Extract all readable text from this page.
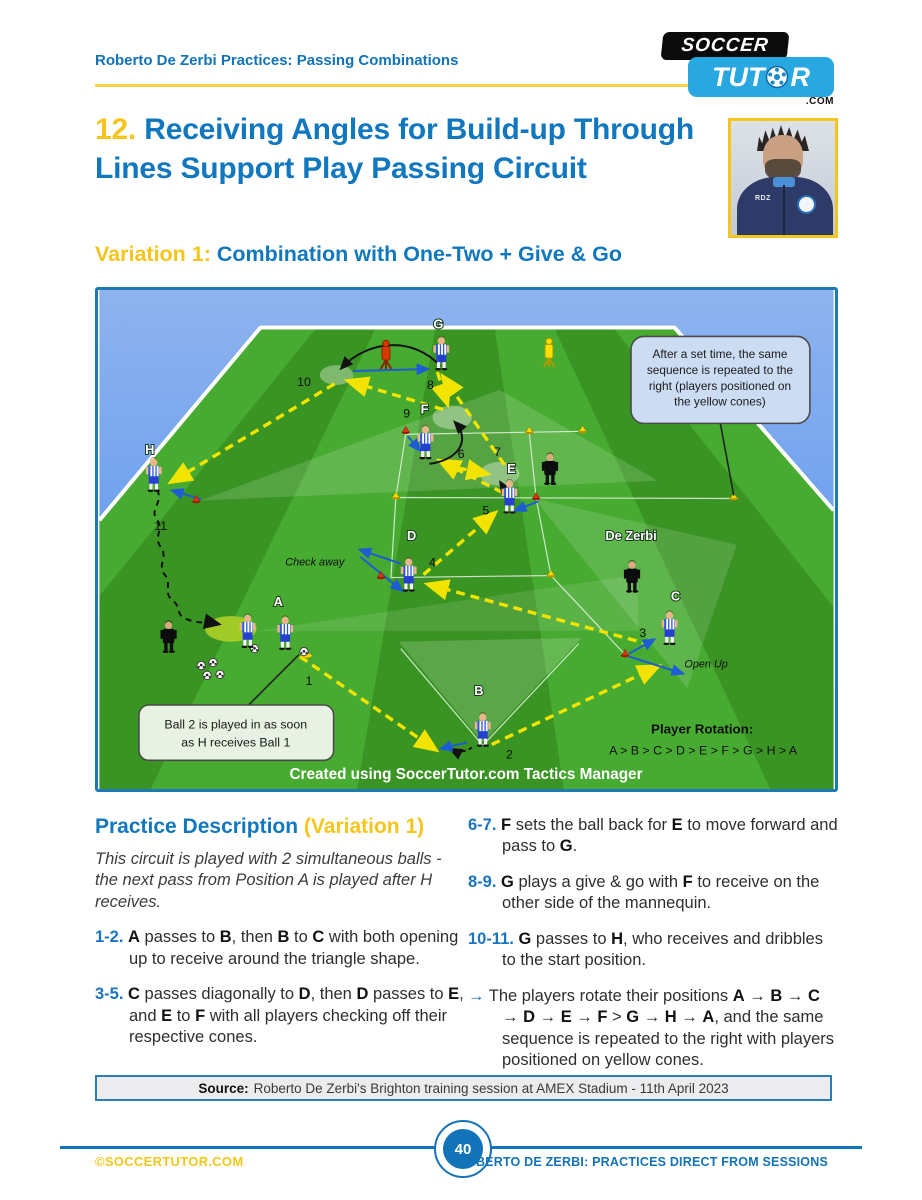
Roberto De Zerbi Practices: Passing Combinations
SOCCER
TUT R
.COM
12. Receiving Angles for Build-up Through Lines Support Play Passing Circuit
RDZ
Variation 1: Combination with One-Two + Give & Go
Created using SoccerTutor.com Tactics Manager
Player Rotation:
A > B > C > D > E > F > G > H > A
A
B
C
D
E
F
G
H
De Zerbi
1
2
3
4
5
6 7
8
9
10
11
Check away
Open Up
After a set time, the same
sequence is repeated to the
right (players positioned on
the yellow cones)
Ball 2 is played in as soon
as H receives Ball 1
Practice Description (Variation 1)
This circuit is played with 2 simultaneous balls - the next pass from Position A is played after H receives.
1-2. A passes to B, then B to C with both opening up to receive around the triangle shape.
3-5. C passes diagonally to D, then D passes to E, and E to F with all players checking off their respective cones.
6-7. F sets the ball back for E to move forward and pass to G.
8-9. G plays a give & go with F to receive on the other side of the mannequin.
10-11. G passes to H, who receives and dribbles to the start position.
→ The players rotate their positions A → B → C → D → E → F > G → H → A, and the same sequence is repeated to the right with players positioned on yellow cones.
Source: Roberto De Zerbi's Brighton training session at AMEX Stadium - 11th April 2023
40
©SOCCERTUTOR.COM	ROBERTO DE ZERBI: PRACTICES DIRECT FROM SESSIONS
